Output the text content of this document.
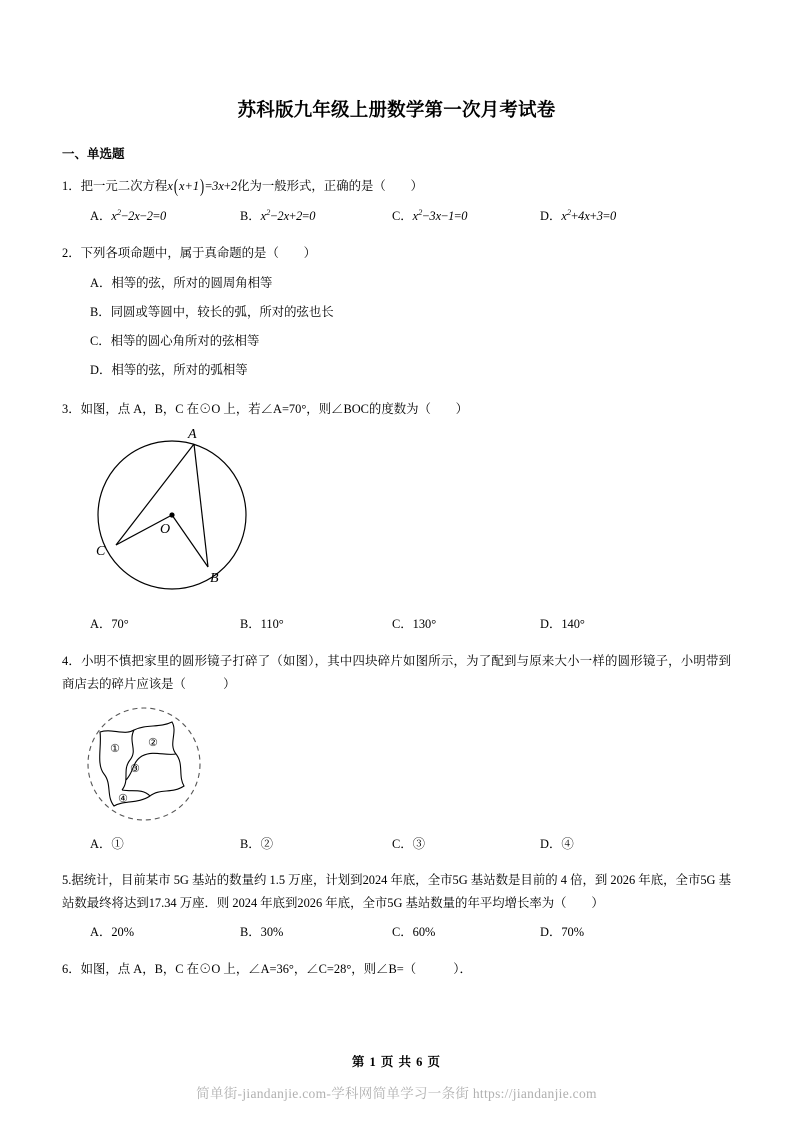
苏科版九年级上册数学第一次月考试卷
一、单选题
1．把一元二次方程x(x+1)=3x+2化为一般形式，正确的是（　　）
A．$x^2-2x-2=0$	B．$x^2-2x+2=0$	C．$x^2-3x-1=0$	D．$x^2+4x+3=0$
2．下列各项命题中，属于真命题的是（　　）
A．相等的弦，所对的圆周角相等
B．同圆或等圆中，较长的弧，所对的弦也长
C．相等的圆心角所对的弦相等
D．相等的弦，所对的弧相等
3．如图，点 A，B，C 在⊙O 上，若∠A=70°，则∠BOC的度数为（　　）
A
C
B
O
A．70°	B．110°	C．130°	D．140°
4．小明不慎把家里的圆形镜子打碎了（如图），其中四块碎片如图所示，为了配到与原来大小一样的圆形镜子，小明带到商店去的碎片应该是（　　　）
①	②
③
④
A．①	B．②	C．③	D．④
5.据统计，目前某市 5G 基站的数量约 1.5 万座，计划到2024 年底，全市5G 基站数是目前的 4 倍，到 2026 年底，全市5G 基站数最终将达到17.34 万座．则 2024 年底到2026 年底，全市5G 基站数量的年平均增长率为（　　）
A．20%	B．30%	C．60%	D．70%
6．如图，点 A，B，C 在⊙O 上，∠A=36°，∠C=28°，则∠B=（　　　）．
第 1 页 共 6 页
简单街-jiandanjie.com-学科网简单学习一条街 https://jiandanjie.com
